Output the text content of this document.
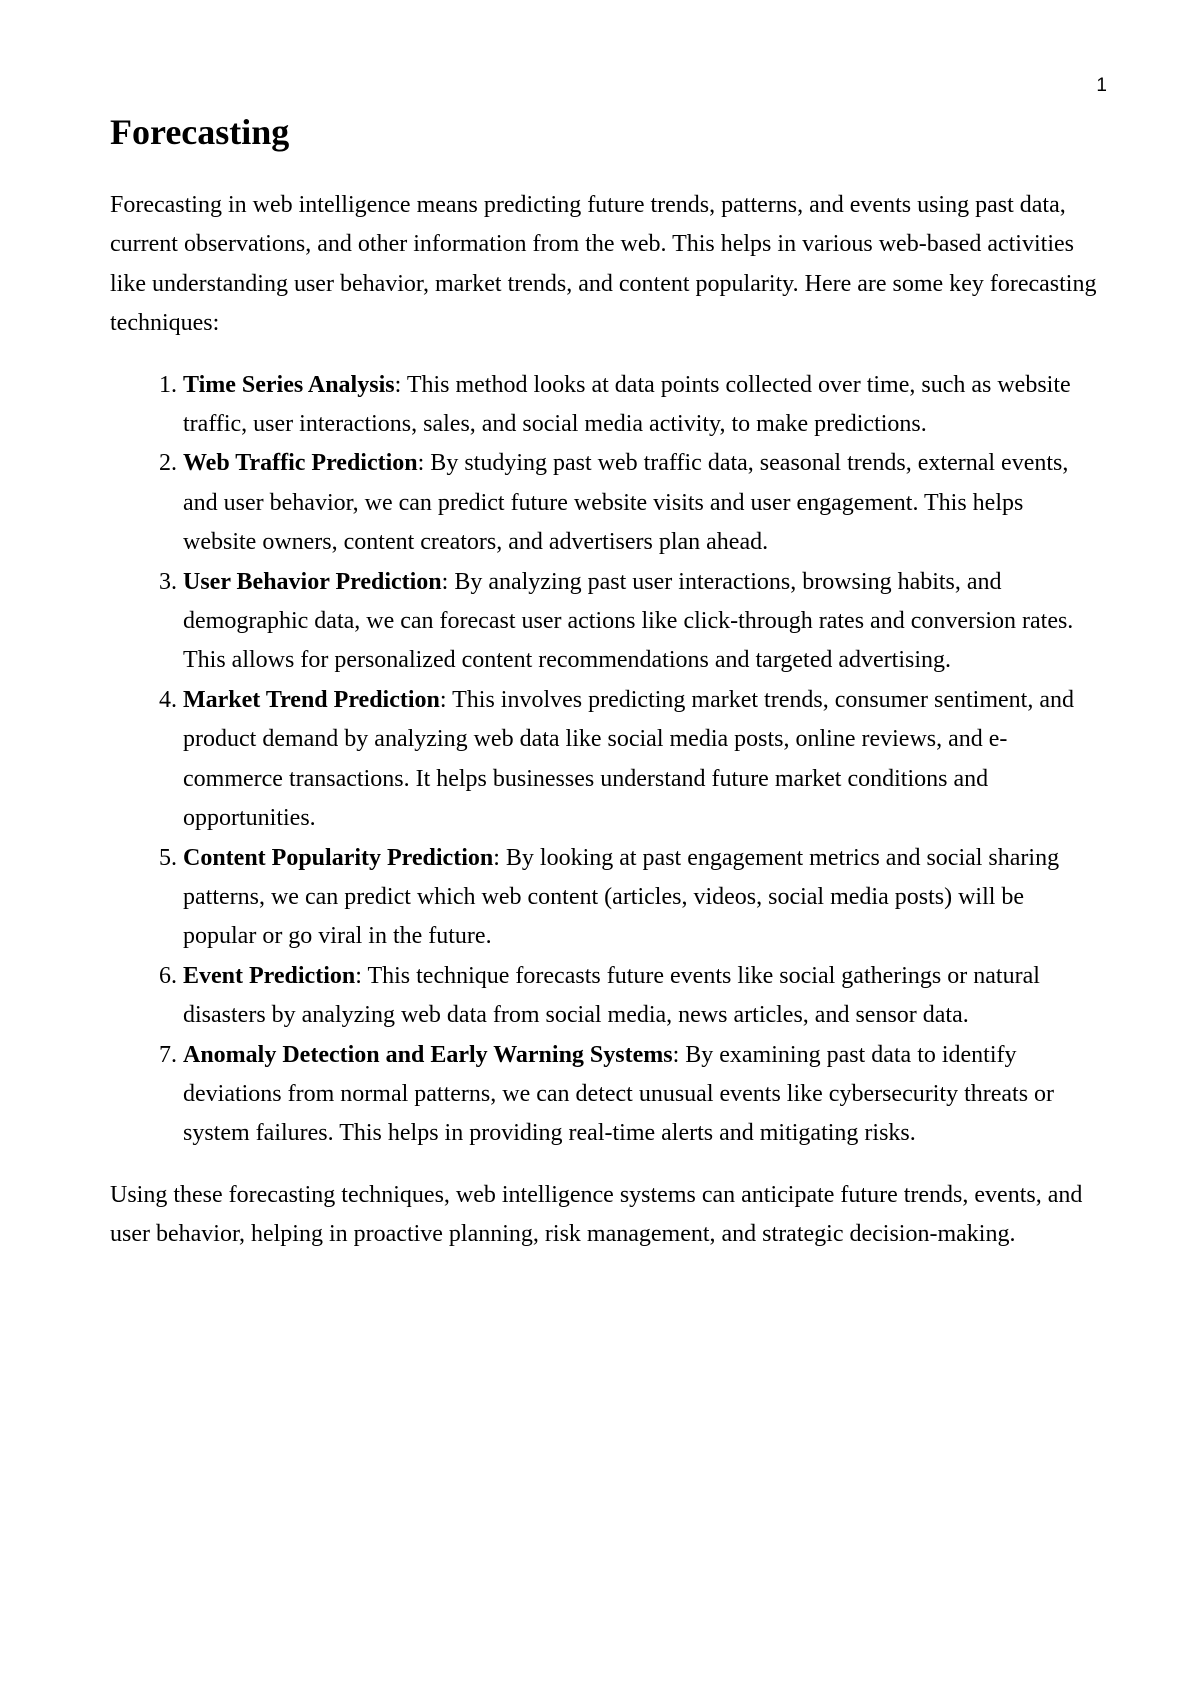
1
Forecasting

Forecasting in web intelligence means predicting future trends, patterns, and events using past data, current observations, and other information from the web. This helps in various web-based activities like understanding user behavior, market trends, and content popularity. Here are some key forecasting techniques:

1. Time Series Analysis: This method looks at data points collected over time, such as website traffic, user interactions, sales, and social media activity, to make predictions.
2. Web Traffic Prediction: By studying past web traffic data, seasonal trends, external events, and user behavior, we can predict future website visits and user engagement. This helps website owners, content creators, and advertisers plan ahead.
3. User Behavior Prediction: By analyzing past user interactions, browsing habits, and demographic data, we can forecast user actions like click-through rates and conversion rates. This allows for personalized content recommendations and targeted advertising.
4. Market Trend Prediction: This involves predicting market trends, consumer sentiment, and product demand by analyzing web data like social media posts, online reviews, and e-commerce transactions. It helps businesses understand future market conditions and opportunities.
5. Content Popularity Prediction: By looking at past engagement metrics and social sharing patterns, we can predict which web content (articles, videos, social media posts) will be popular or go viral in the future.
6. Event Prediction: This technique forecasts future events like social gatherings or natural disasters by analyzing web data from social media, news articles, and sensor data.
7. Anomaly Detection and Early Warning Systems: By examining past data to identify deviations from normal patterns, we can detect unusual events like cybersecurity threats or system failures. This helps in providing real-time alerts and mitigating risks.

Using these forecasting techniques, web intelligence systems can anticipate future trends, events, and user behavior, helping in proactive planning, risk management, and strategic decision-making.
